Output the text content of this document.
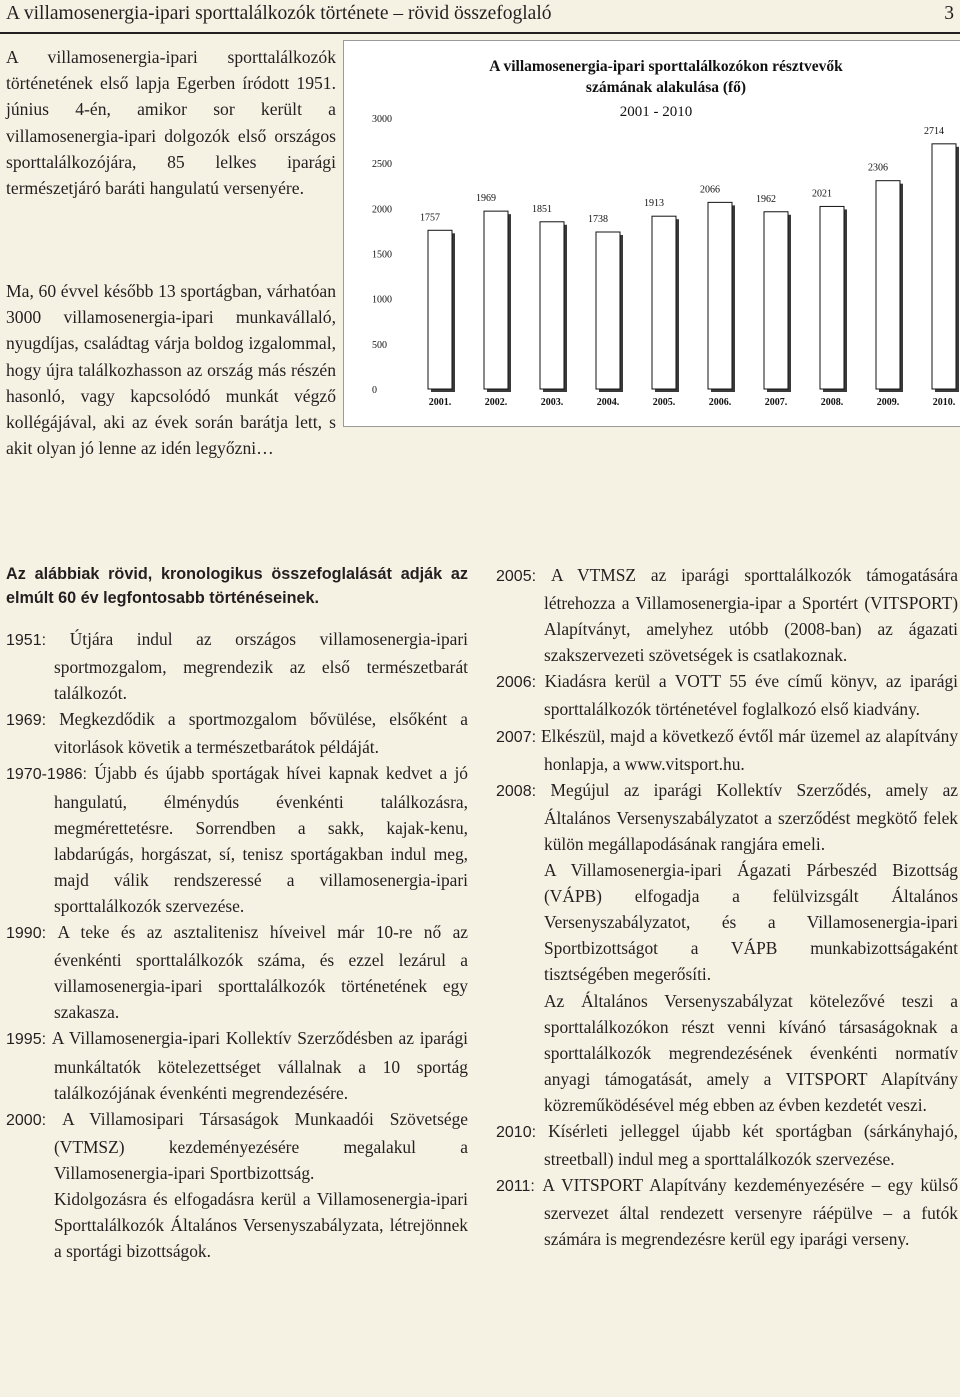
A villamosenergia-ipari sporttalálkozók története – rövid összefoglaló	3

A villamosenergia-ipari sporttalálkozók történetének első lapja Egerben íródott 1951. június 4-én, amikor sor került a villamosenergia-ipari dolgozók első országos sporttalálkozójára, 85 lelkes iparági természetjáró baráti hangulatú versenyére.

Ma, 60 évvel később 13 sportágban, várhatóan 3000 villamosenergia-ipari munkavállaló, nyugdíjas, családtag várja boldog izgalommal, hogy újra találkozhasson az ország más részén hasonló, vagy kapcsolódó munkát végző kollégájával, aki az évek során barátja lett, s akit olyan jó lenne az idén legyőzni…

A villamosenergia-ipari sporttalálkozókon résztvevők számának alakulása (fő)
2001 - 2010
0
500
1000
1500
2000
2500
3000
2001.	2002.	2003.	2004.	2005.	2006.	2007.	2008.	2009.	2010.
1757
1969
1851
1738
1913
2066
1962	2021
2306
2714

Az alábbiak rövid, kronologikus összefoglalását adják az elmúlt 60 év legfontosabb történéseinek.

1951: Útjára indul az országos villamosenergia-ipari sportmozgalom, megrendezik az első természetbarát találkozót.

1969: Megkezdődik a sportmozgalom bővülése, elsőként a vitorlások követik a természetbarátok példáját.

1970-1986: Újabb és újabb sportágak hívei kapnak kedvet a jó hangulatú, élménydús évenkénti találkozásra, megmérettetésre. Sorrendben a sakk, kajak-kenu, labdarúgás, horgászat, sí, tenisz sportágakban indul meg, majd válik rendszeressé a villamosenergia-ipari sporttalálkozók szervezése.

1990: A teke és az asztalitenisz híveivel már 10-re nő az évenkénti sporttalálkozók száma, és ezzel lezárul a villamosenergia-ipari sporttalálkozók történetének egy szakasza.

1995: A Villamosenergia-ipari Kollektív Szerződésben az iparági munkáltatók kötelezettséget vállalnak a 10 sportág találkozójának évenkénti megrendezésére.

2000: A Villamosipari Társaságok Munkaadói Szövetsége (VTMSZ) kezdeményezésére megalakul a Villamosenergia-ipari Sportbizottság.

Kidolgozásra és elfogadásra kerül a Villamosenergia-ipari Sporttalálkozók Általános Versenyszabályzata, létrejönnek a sportági bizottságok.

2005: A VTMSZ az iparági sporttalálkozók támogatására létrehozza a Villamosenergia-ipar a Sportért (VITSPORT) Alapítványt, amelyhez utóbb (2008-ban) az ágazati szakszervezeti szövetségek is csatlakoznak.

2006: Kiadásra kerül a VOTT 55 éve című könyv, az iparági sporttalálkozók történetével foglalkozó első kiadvány.

2007: Elkészül, majd a következő évtől már üzemel az alapítvány honlapja, a www.vitsport.hu.

2008: Megújul az iparági Kollektív Szerződés, amely az Általános Versenyszabályzatot a szerződést megkötő felek külön megállapodásának rangjára emeli.

A Villamosenergia-ipari Ágazati Párbeszéd Bizottság (VÁPB) elfogadja a felülvizsgált Általános Versenyszabályzatot, és a Villamosenergia-ipari Sportbizottságot a VÁPB munkabizottságaként tisztségében megerősíti.

Az Általános Versenyszabályzat kötelezővé teszi a sporttalálkozókon részt venni kívánó társaságoknak a sporttalálkozók megrendezésének évenkénti normatív anyagi támogatását, amely a VITSPORT Alapítvány közreműködésével még ebben az évben kezdetét veszi.

2010: Kísérleti jelleggel újabb két sportágban (sárkányhajó, streetball) indul meg a sporttalálkozók szervezése.

2011: A VITSPORT Alapítvány kezdeményezésére – egy külső szervezet által rendezett versenyre ráépülve – a futók számára is megrendezésre kerül egy iparági verseny.
